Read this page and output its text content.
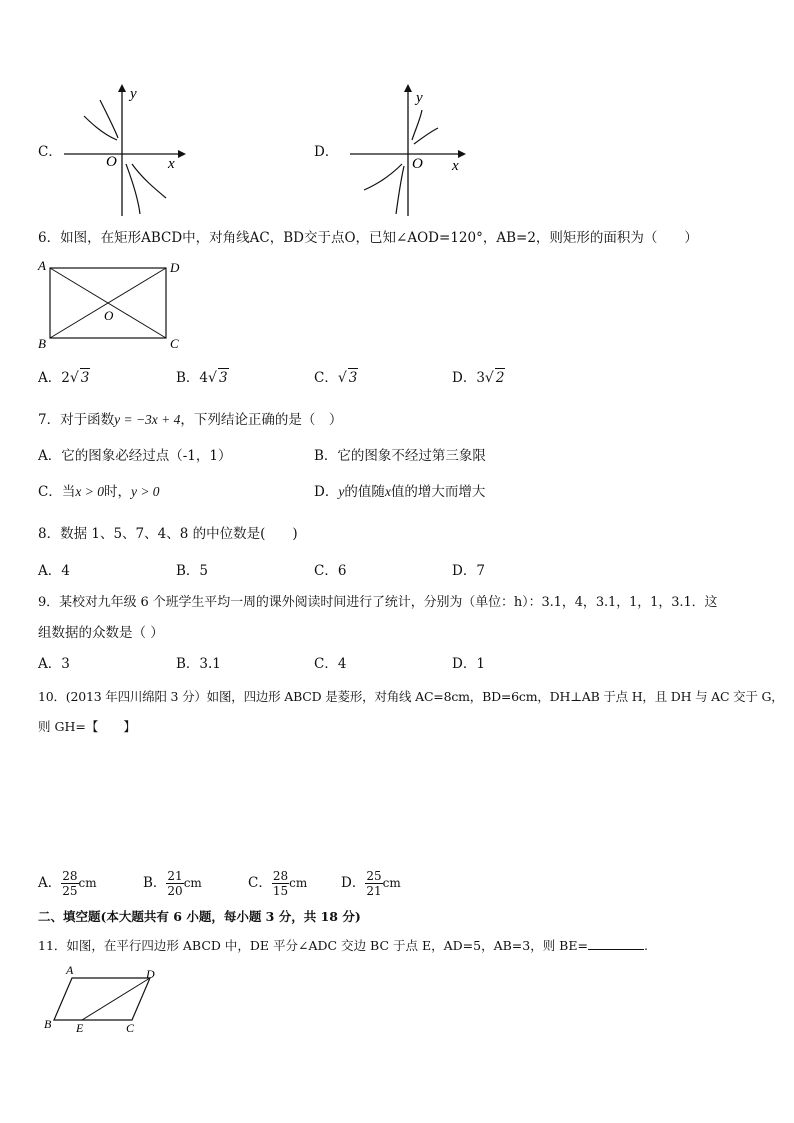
C．
y
x
O
D．
y
x
O
6．如图，在矩形ABCD中，对角线AC，BD交于点O，已知∠AOD=120°，AB=2，则矩形的面积为（　　）
A	D
B	C
O
A．2√ 3	B．4√ 3	C．√ 3	D．3√ 2
7．对于函数y = −3x + 4，下列结论正确的是（　）
A．它的图象必经过点（-1，1）	B．它的图象不经过第三象限
C．当x > 0时，y > 0	D．y的值随x值的增大而增大
8．数据 1、5、7、4、8 的中位数是(　　)
A．4	B．5	C．6	D．7
9．某校对九年级 6 个班学生平均一周的课外阅读时间进行了统计，分别为（单位：h）：3.1，4，3.1，1，1，3.1．这
组数据的众数是（ ）
A．3	B．3.1	C．4	D．1
10．(2013 年四川绵阳 3 分）如图，四边形 ABCD 是菱形，对角线 AC=8cm，BD=6cm，DH⊥AB 于点 H，且 DH 与 AC 交于 G，
则 GH=【　　】
A． $\frac{28}{25}$ cm	B． $\frac{21}{20}$ cm	C． $\frac{28}{15}$ cm	D． $\frac{25}{21}$ cm
二、填空题(本大题共有 6 小题，每小题 3 分，共 18 分)
11．如图，在平行四边形 ABCD 中，DE 平分∠ADC 交边 BC 于点 E，AD=5，AB=3，则 BE=	.
A	D
B E	C
